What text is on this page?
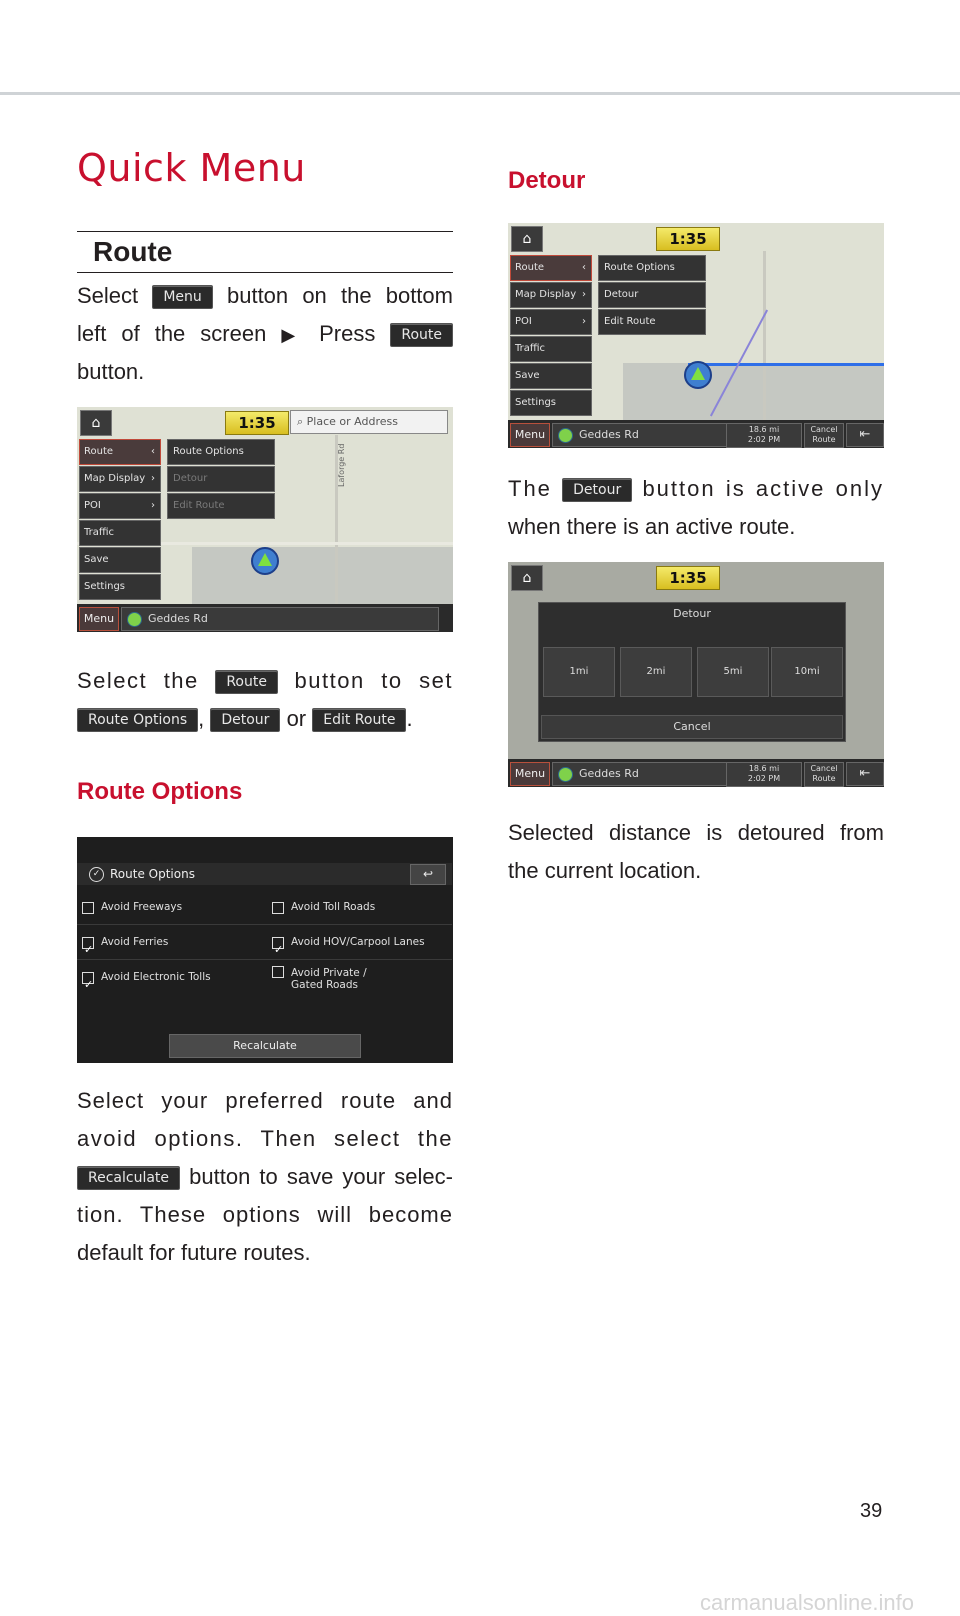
Quick Menu
Route
Select Menu button on the bottom
left of the screen ▶ Press Route
button.
Laforge Rd
⌂	1:35	⌕ Place or Address
Route	‹
Map Display ›
POI	›
Traffic
Save
Settings
Route Options
Detour
Edit Route
Menu	Geddes Rd
Select the Route button to set
Route Options , Detour or Edit Route .
Route Options
✓ Route Options	↩
Avoid Freeways	Avoid Toll Roads
✓
Avoid Ferries
✓	Avoid HOV/Carpool Lanes
✓
Avoid Electronic Tolls	Avoid Private /
Gated Roads
Recalculate
Select your preferred route and
avoid options. Then select the
Recalculate button to save your selec-
tion. These options will become
default for future routes.
Detour
⌂	1:35
Route	‹
Map Display ›
POI	›
Traffic
Save
Settings
Route Options
Detour
Edit Route
Menu	Geddes Rd	18.6 mi
2:02 PM
Cancel
Route	⇤
The Detour button is active only
when there is an active route.
⌂	1:35
Detour
1mi	2mi	5mi	10mi
Cancel
Menu	Geddes Rd	18.6 mi
2:02 PM
Cancel
Route	⇤
Selected distance is detoured from
the current location.
39
carmanualsonline.info
